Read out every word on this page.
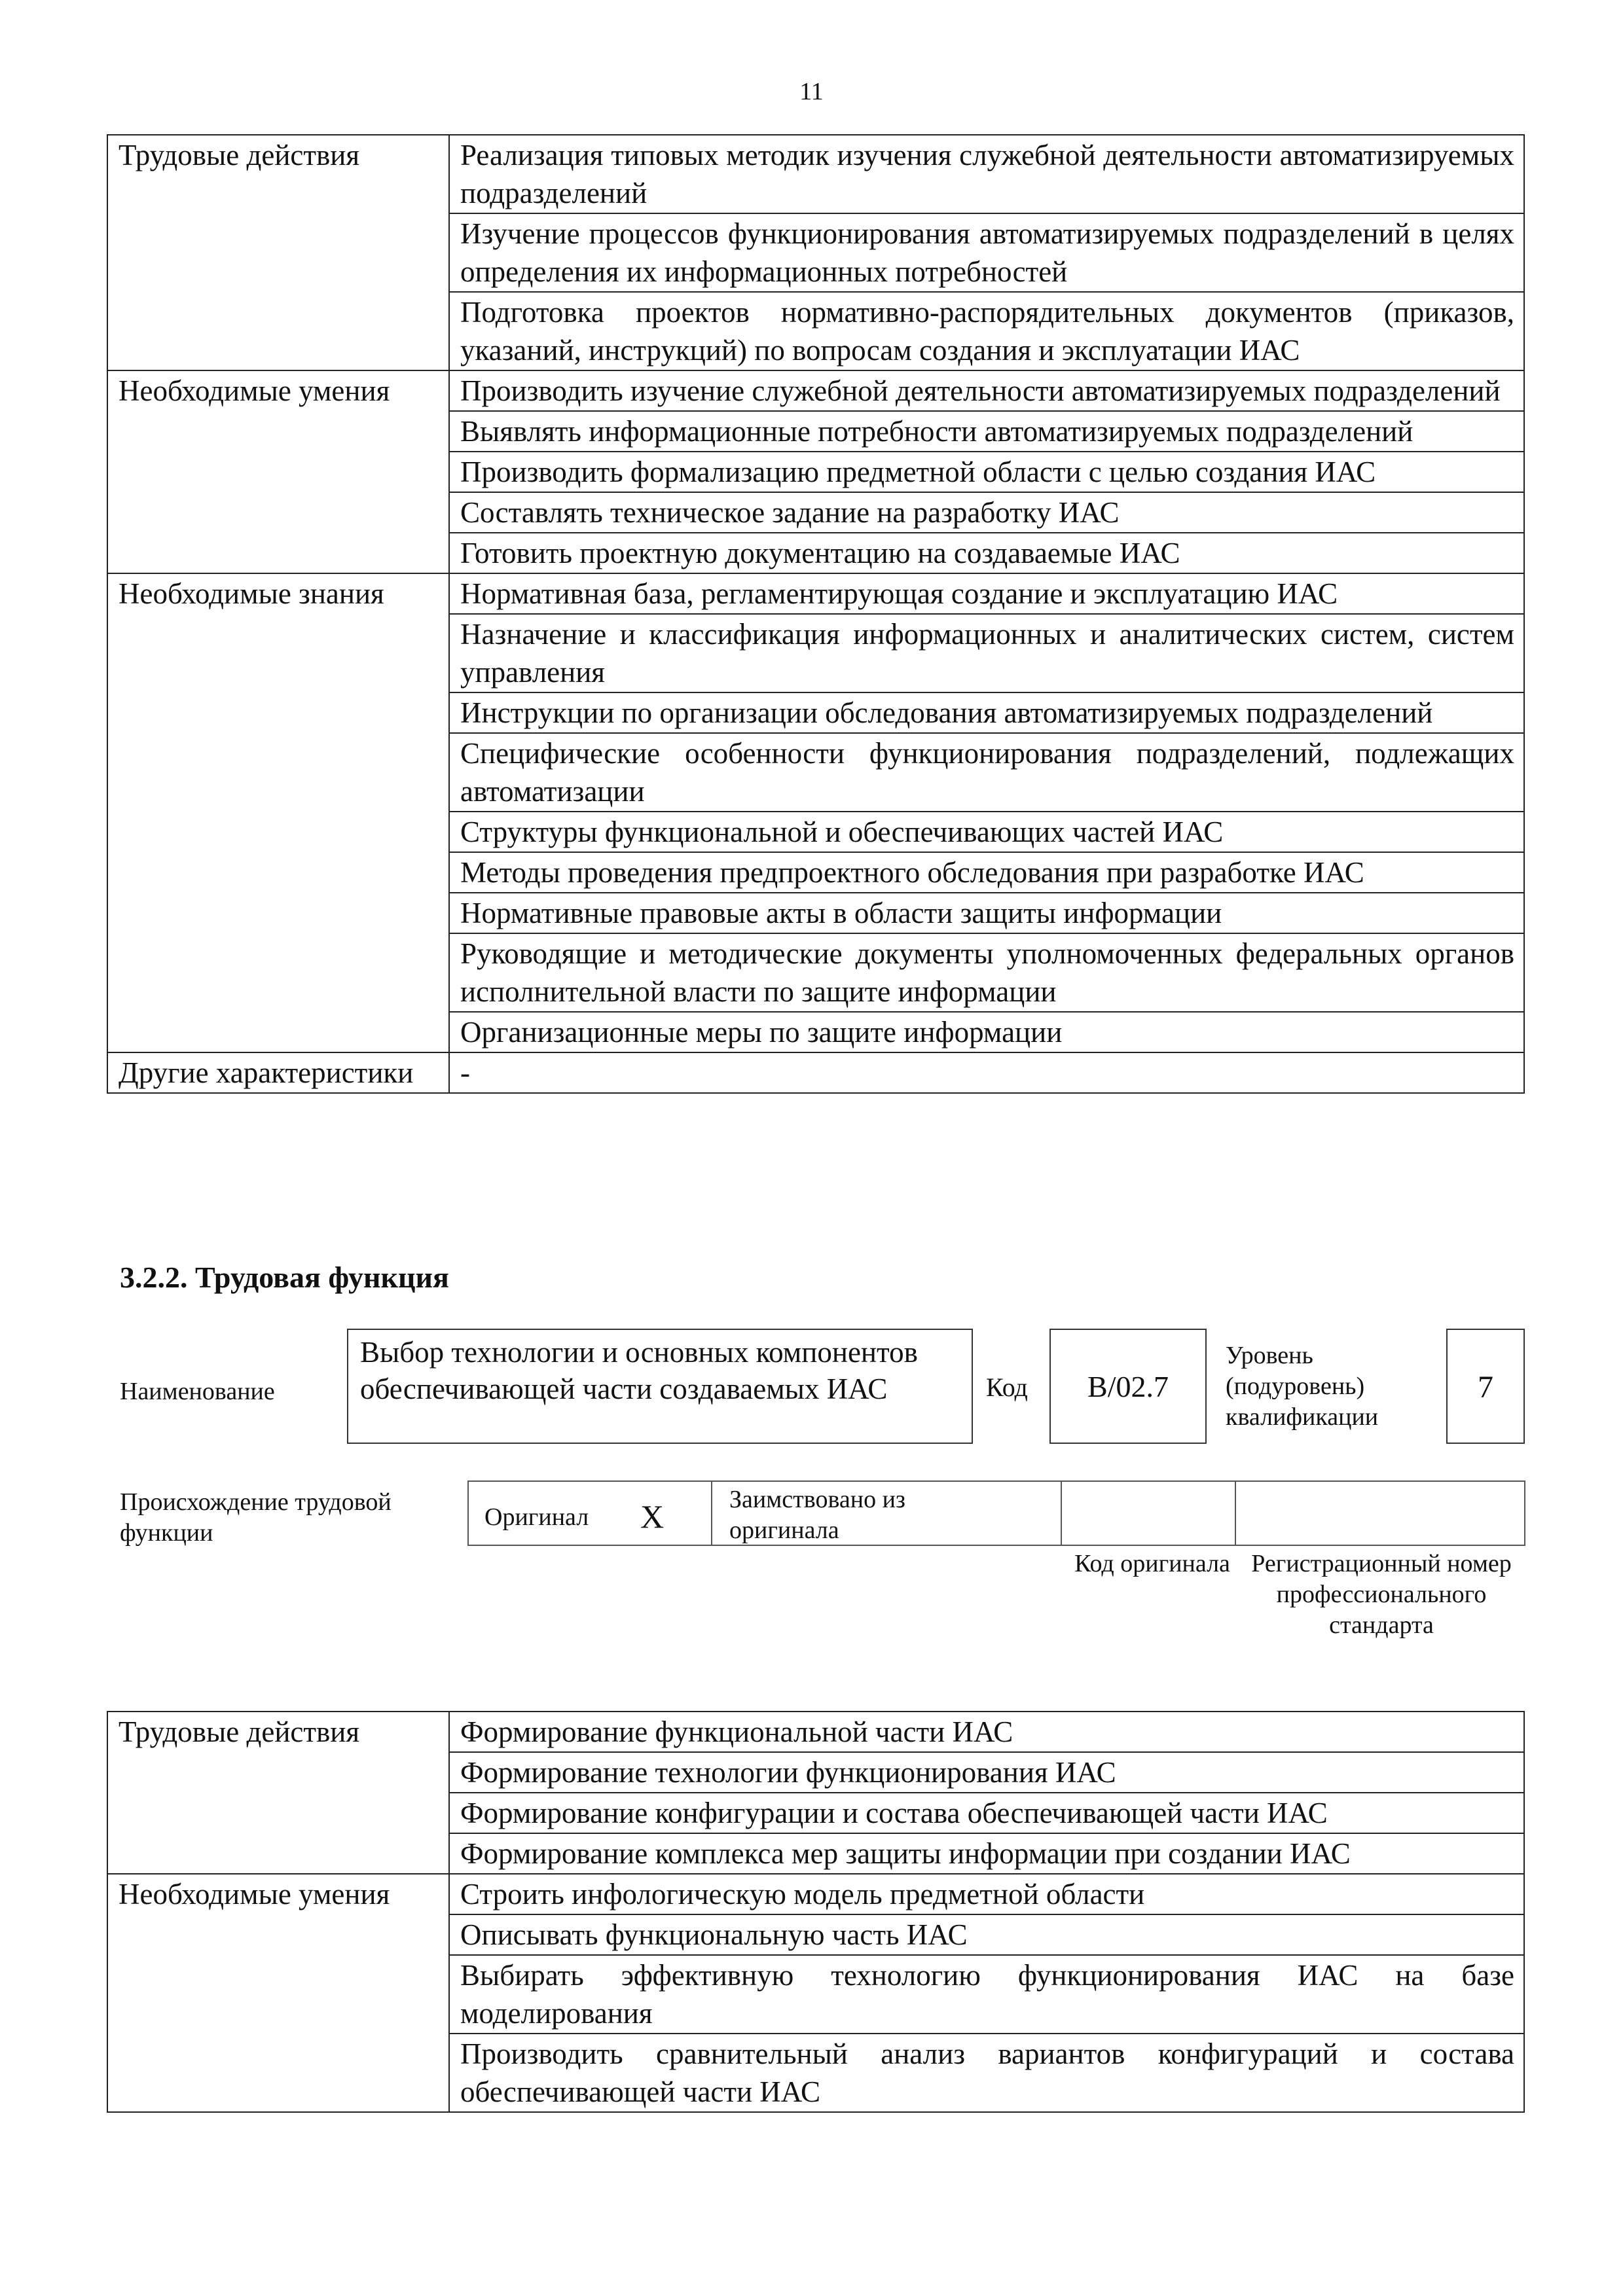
11
Трудовые действия	Реализация типовых методик изучения служебной деятельности автоматизируемых подразделений
	Изучение процессов функционирования автоматизируемых подразделений в целях определения их информационных потребностей
	Подготовка проектов нормативно-распорядительных документов (приказов, указаний, инструкций) по вопросам создания и эксплуатации ИАС
Необходимые умения	Производить изучение служебной деятельности автоматизируемых подразделений
	Выявлять информационные потребности автоматизируемых подразделений
	Производить формализацию предметной области с целью создания ИАС
	Составлять техническое задание на разработку ИАС
	Готовить проектную документацию на создаваемые ИАС
Необходимые знания	Нормативная база, регламентирующая создание и эксплуатацию ИАС
	Назначение и классификация информационных и аналитических систем, систем управления
	Инструкции по организации обследования автоматизируемых подразделений
	Специфические особенности функционирования подразделений, подлежащих автоматизации
	Структуры функциональной и обеспечивающих частей ИАС
	Методы проведения предпроектного обследования при разработке ИАС
	Нормативные правовые акты в области защиты информации
	Руководящие и методические документы уполномоченных федеральных органов исполнительной власти по защите информации
	Организационные меры по защите информации
Другие характеристики	-
3.2.2. Трудовая функция
Наименование
Выбор технологии и основных компонентов обеспечивающей части создаваемых ИАС	Код	B/02.7
Уровень (подуровень) квалификации
7
Происхождение трудовой функции
Оригинал X	Заимствовано из оригинала
Код оригинала Регистрационный номер профессионального стандарта
Трудовые действия	Формирование функциональной части ИАС
	Формирование технологии функционирования ИАС
	Формирование конфигурации и состава обеспечивающей части ИАС
	Формирование комплекса мер защиты информации при создании ИАС
Необходимые умения	Строить инфологическую модель предметной области
	Описывать функциональную часть ИАС
	Выбирать эффективную технологию функционирования ИАС на базе моделирования
	Производить сравнительный анализ вариантов конфигураций и состава обеспечивающей части ИАС
